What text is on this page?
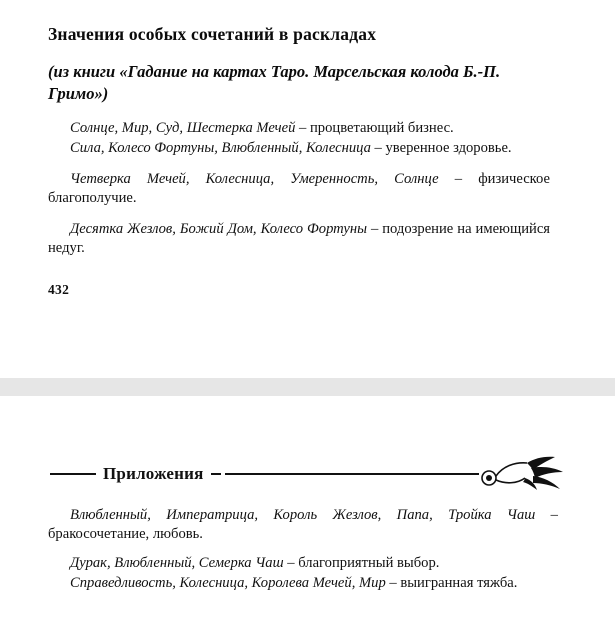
Значения особых сочетаний в раскладах
(из книги «Гадание на картах Таро. Марсельская колода Б.-П. Гримо»)

Солнце, Мир, Суд, Шестерка Мечей – процветающий бизнес.

Сила, Колесо Фортуны, Влюбленный, Колесница – уверенное здоровье.

Четверка Мечей, Колесница, Умеренность, Солнце – физическое благополучие.

Десятка Жезлов, Божий Дом, Колесо Фортуны – подозрение на имеющийся недуг.

432
Приложения

Влюбленный, Императрица, Король Жезлов, Папа, Тройка Чаш – бракосочетание, любовь.

Дурак, Влюбленный, Семерка Чаш – благоприятный выбор.

Справедливость, Колесница, Королева Мечей, Мир – выигранная тяжба.
